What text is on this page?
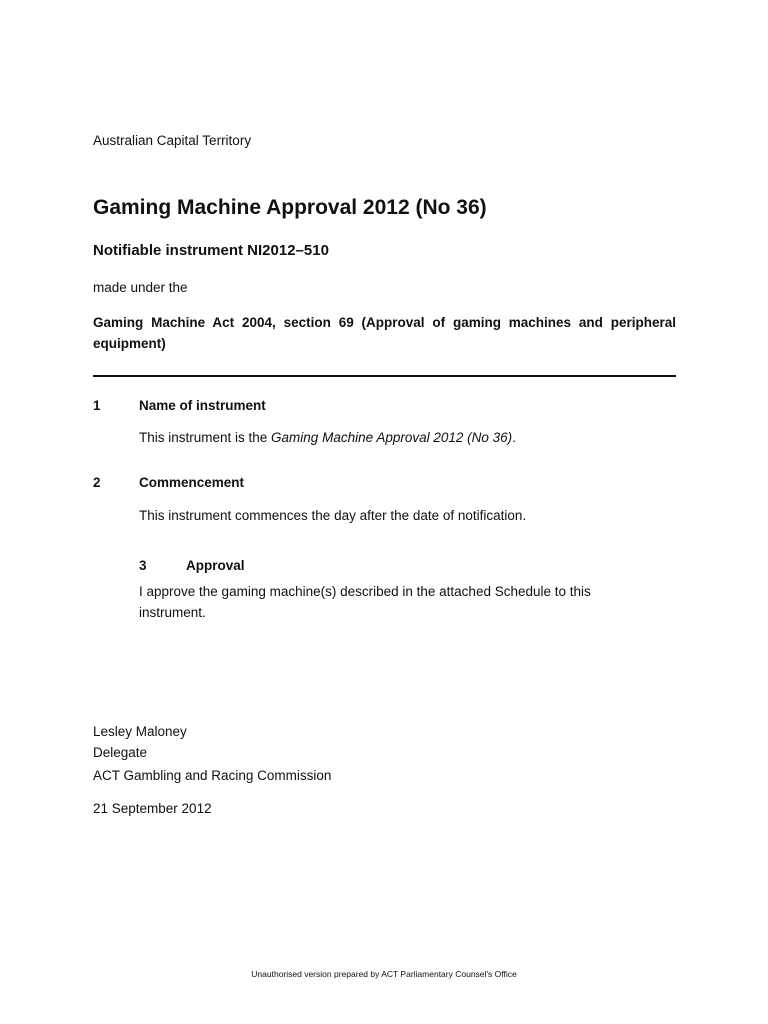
Australian Capital Territory
Gaming Machine Approval 2012 (No 36)
Notifiable instrument NI2012–510
made under the
Gaming Machine Act 2004, section 69 (Approval of gaming machines and peripheral equipment)
1	Name of instrument
This instrument is the Gaming Machine Approval 2012 (No 36).
2	Commencement
This instrument commences the day after the date of notification.
3	Approval
I approve the gaming machine(s) described in the attached Schedule to this instrument.
Lesley Maloney
Delegate
ACT Gambling and Racing Commission
21 September 2012
Unauthorised version prepared by ACT Parliamentary Counsel's Office
